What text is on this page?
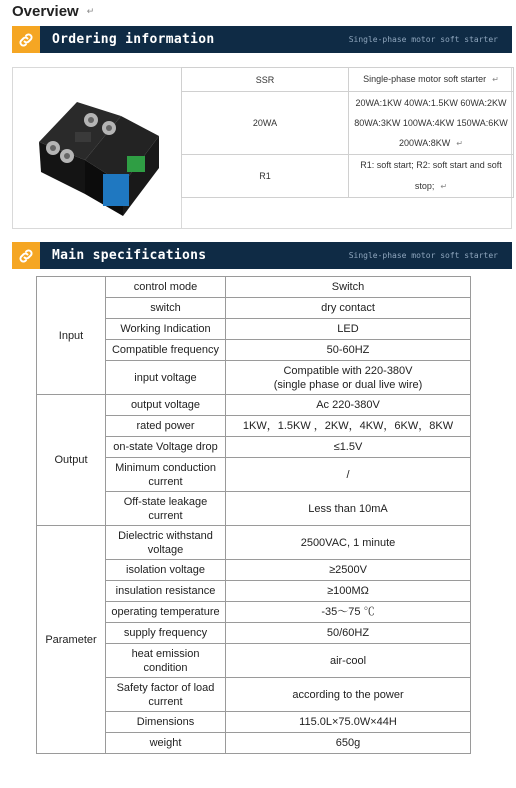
Overview ↵
Ordering information	Single-phase motor soft starter
SSR	Single-phase motor soft starter ↵
20WA	20WA:1KW 40WA:1.5KW 60WA:2KW
80WA:3KW 100WA:4KW 150WA:6KW
200WA:8KW ↵

R1	R1: soft start; R2: soft start and soft
stop; ↵
Main specifications	Single-phase motor soft starter
Input	control mode	Switch

	switch	dry contact

	Working Indication	LED

	Compatible frequency	50-60HZ

	input voltage	Compatible with 220-380V
(single phase or dual live wire)

Output	output voltage	Ac 220-380V

	rated power	1KW，1.5KW ，2KW，4KW，6KW，8KW

	on-state Voltage drop	≤1.5V

	Minimum conduction
current	/

	Off-state leakage
current	Less than 10mA

Parameter	Dielectric withstand
voltage	2500VAC, 1 minute

	isolation voltage	≥2500V

	insulation resistance	≥100MΩ

	operating temperature	-35～75 ℃

	supply frequency	50/60HZ

	heat emission
condition	air-cool

	Safety factor of load
current	according to the power

	Dimensions	115.0L×75.0W×44H

	weight	650g
